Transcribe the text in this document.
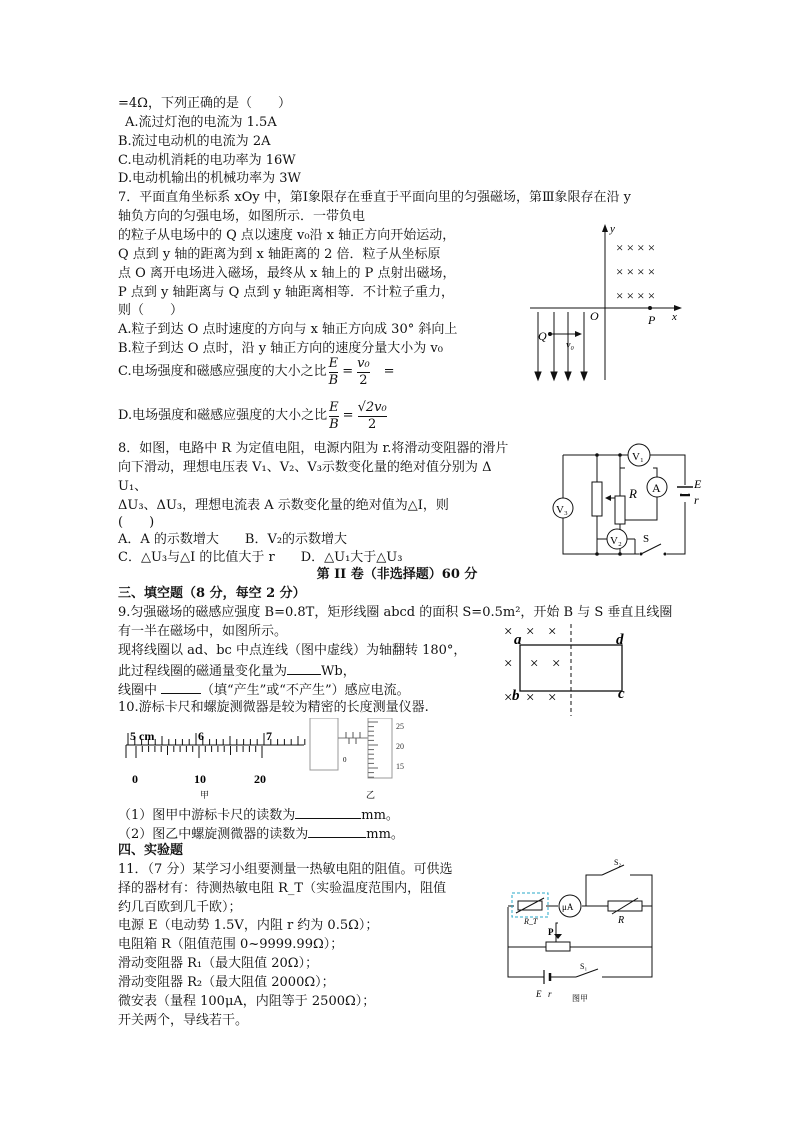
=4Ω，下列正确的是（　　）
A.流过灯泡的电流为 1.5A
B.流过电动机的电流为 2A
C.电动机消耗的电功率为 16W
D.电动机输出的机械功率为 3W
7．平面直角坐标系 xOy 中，第Ⅰ象限存在垂直于平面向里的匀强磁场，第Ⅲ象限存在沿 y
轴负方向的匀强电场，如图所示．一带负电
的粒子从电场中的 Q 点以速度 v₀沿 x 轴正方向开始运动，
Q 点到 y 轴的距离为到 x 轴距离的 2 倍．粒子从坐标原
点 O 离开电场进入磁场，最终从 x 轴上的 P 点射出磁场，
P 点到 y 轴距离与 Q 点到 y 轴距离相等．不计粒子重力，
则（　　）
A.粒子到达 O 点时速度的方向与 x 轴正方向成 30° 斜向上
B.粒子到达 O 点时，沿 y 轴正方向的速度分量大小为 v₀
C.电场强度和磁感应强度的大小之比 $\frac{E}{B} = \frac{\text{v₀}}{2}$ =
D.电场强度和磁感应强度的大小之比 $\frac{E}{B} = \frac{\text{√2v₀}}{2}$
8．如图，电路中 R 为定值电阻，电源内阻为 r.将滑动变阻器的滑片
向下滑动，理想电压表 V₁、V₂、V₃示数变化量的绝对值分别为 Δ
U₁、
ΔU₃、ΔU₃，理想电流表 A 示数变化量的绝对值为△I，则
(　　)
A．A 的示数增大　　B．V₂的示数增大
C．△U₃与△I 的比值大于 r　　D．△U₁大于△U₃
第 II 卷（非选择题）60 分
三、填空题（8 分，每空 2 分）
9.匀强磁场的磁感应强度 B=0.8T，矩形线圈 abcd 的面积 S=0.5m²，开始 B 与 S 垂直且线圈
有一半在磁场中，如图所示。
现将线圈以 ad、bc 中点连线（图中虚线）为轴翻转 180°，
此过程线圈的磁通量变化量为	Wb，
线圈中	（填“产生”或“不产生”）感应电流。
10.游标卡尺和螺旋测微器是较为精密的长度测量仪器.
（1）图甲中游标卡尺的读数为	mm。
（2）图乙中螺旋测微器的读数为	mm。
四、实验题
11．（7 分）某学习小组要测量一热敏电阻的阻值。可供选
择的器材有：待测热敏电阻 R_T（实验温度范围内，阻值
约几百欧到几千欧）；
电源 E（电动势 1.5V，内阻 r 约为 0.5Ω）；
电阻箱 R（阻值范围 0~9999.99Ω）；
滑动变阻器 R₁（最大阻值 20Ω）；
滑动变阻器 R₂（最大阻值 2000Ω）；
微安表（量程 100μA，内阻等于 2500Ω）；
开关两个，导线若干。
y
x
O
× × × ×
× × × ×
× × × ×
P
Q
v₀
V₃
R
V₁
A	E
r
V₂ S
× × ×
× × ×
× × ×
a	d
b	c
5 cm	6	7
0	10	20
0
25
20
15
甲	乙
R_T
μA
R
S₂
P
E r
S₁
图甲
